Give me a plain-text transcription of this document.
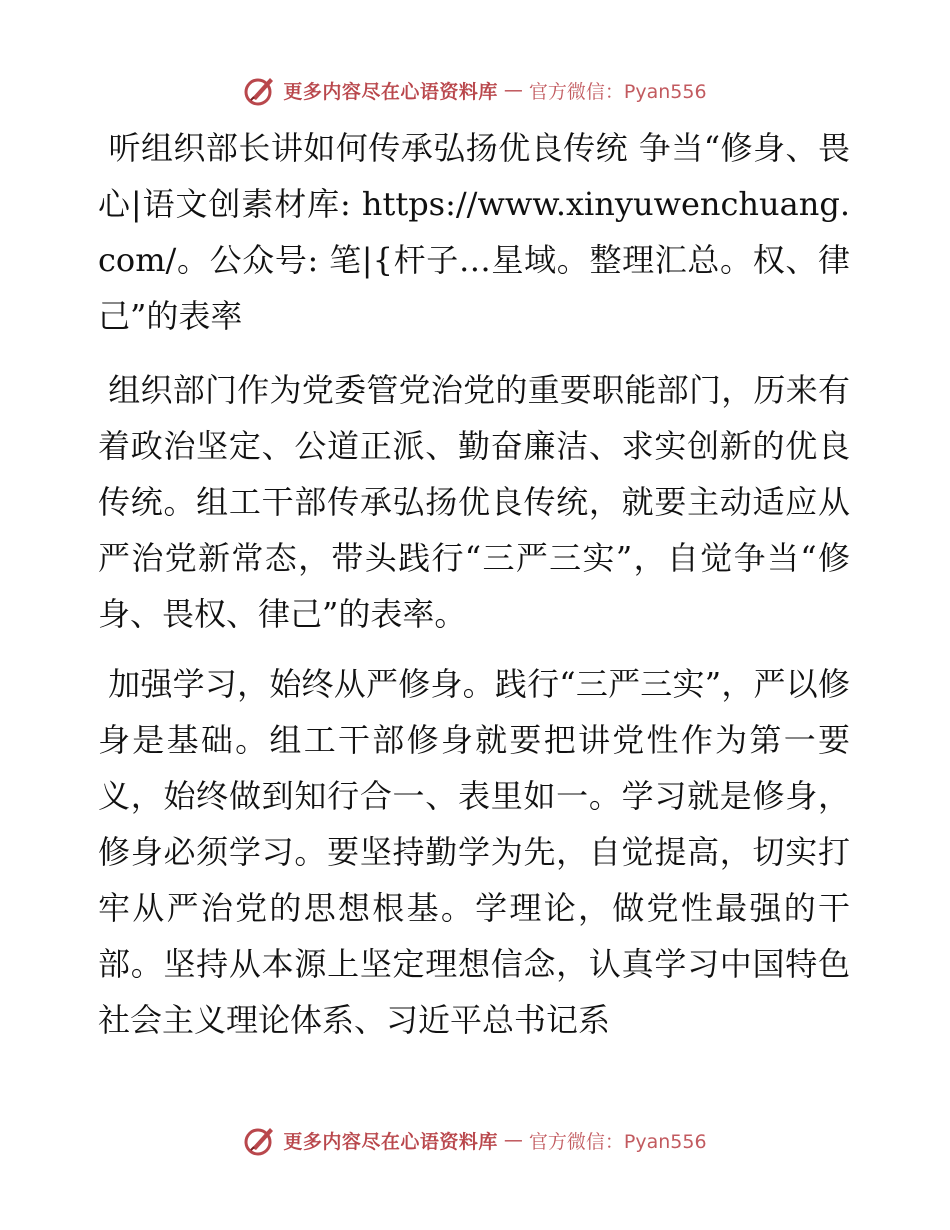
更多内容尽在心语资料库 — 官方微信：Pyan556

听组织部长讲如何传承弘扬优良传统 争当“修身、畏心|语文创素材库: https://www.xinyuwenchuang.com/。公众号: 笔|{杆子…星域。整理汇总。权、律己”的表率

组织部门作为党委管党治党的重要职能部门，历来有着政治坚定、公道正派、勤奋廉洁、求实创新的优良传统。组工干部传承弘扬优良传统，就要主动适应从严治党新常态，带头践行“三严三实”，自觉争当“修身、畏权、律己”的表率。

加强学习，始终从严修身。践行“三严三实”，严以修身是基础。组工干部修身就要把讲党性作为第一要义，始终做到知行合一、表里如一。学习就是修身，修身必须学习。要坚持勤学为先，自觉提高，切实打牢从严治党的思想根基。学理论，做党性最强的干部。坚持从本源上坚定理想信念，认真学习中国特色社会主义理论体系、习近平总书记系

更多内容尽在心语资料库 — 官方微信：Pyan556
